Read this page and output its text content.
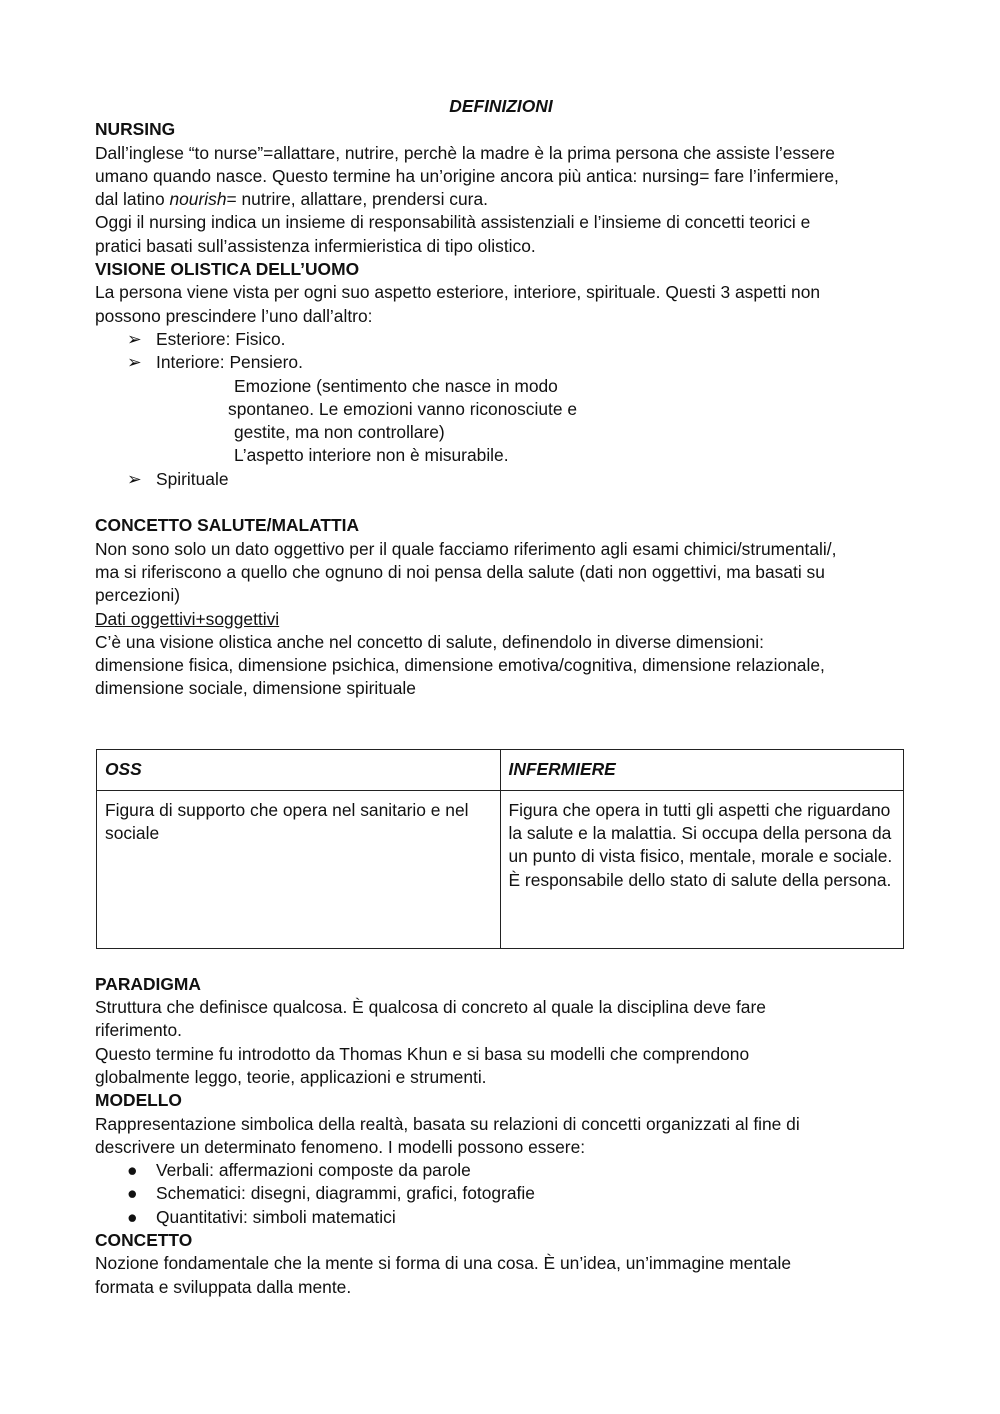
DEFINIZIONI

NURSING

Dall’inglese “to nurse”=allattare, nutrire, perchè la madre è la prima persona che assiste l’essere

umano quando nasce. Questo termine ha un’origine ancora più antica: nursing= fare l’infermiere,

dal latino nourish= nutrire, allattare, prendersi cura.

Oggi il nursing indica un insieme di responsabilità assistenziali e l’insieme di concetti teorici e

pratici basati sull’assistenza infermieristica di tipo olistico.

VISIONE OLISTICA DELL’UOMO

La persona viene vista per ogni suo aspetto esteriore, interiore, spirituale. Questi 3 aspetti non

possono prescindere l’uno dall’altro:

➢ Esteriore: Fisico.
➢ Interiore: Pensiero.
Emozione (sentimento che nasce in modo
spontaneo. Le emozioni vanno riconosciute e
gestite, ma non controllare)
L’aspetto interiore non è misurabile.
➢ Spirituale

CONCETTO SALUTE/MALATTIA

Non sono solo un dato oggettivo per il quale facciamo riferimento agli esami chimici/strumentali/,

ma si riferiscono a quello che ognuno di noi pensa della salute (dati non oggettivi, ma basati su

percezioni)

Dati oggettivi+soggettivi

C’è una visione olistica anche nel concetto di salute, definendolo in diverse dimensioni:

dimensione fisica, dimensione psichica, dimensione emotiva/cognitiva, dimensione relazionale,

dimensione sociale, dimensione spirituale

OSS	INFERMIERE
Figura di supporto che opera nel sanitario e nel sociale	Figura che opera in tutti gli aspetti che riguardano la salute e la malattia. Si occupa della persona da un punto di vista fisico, mentale, morale e sociale. È responsabile dello stato di salute della persona.

PARADIGMA

Struttura che definisce qualcosa. È qualcosa di concreto al quale la disciplina deve fare

riferimento.

Questo termine fu introdotto da Thomas Khun e si basa su modelli che comprendono

globalmente leggo, teorie, applicazioni e strumenti.

MODELLO

Rappresentazione simbolica della realtà, basata su relazioni di concetti organizzati al fine di

descrivere un determinato fenomeno. I modelli possono essere:

● Verbali: affermazioni composte da parole
● Schematici: disegni, diagrammi, grafici, fotografie
● Quantitativi: simboli matematici

CONCETTO

Nozione fondamentale che la mente si forma di una cosa. È un’idea, un’immagine mentale

formata e sviluppata dalla mente.
